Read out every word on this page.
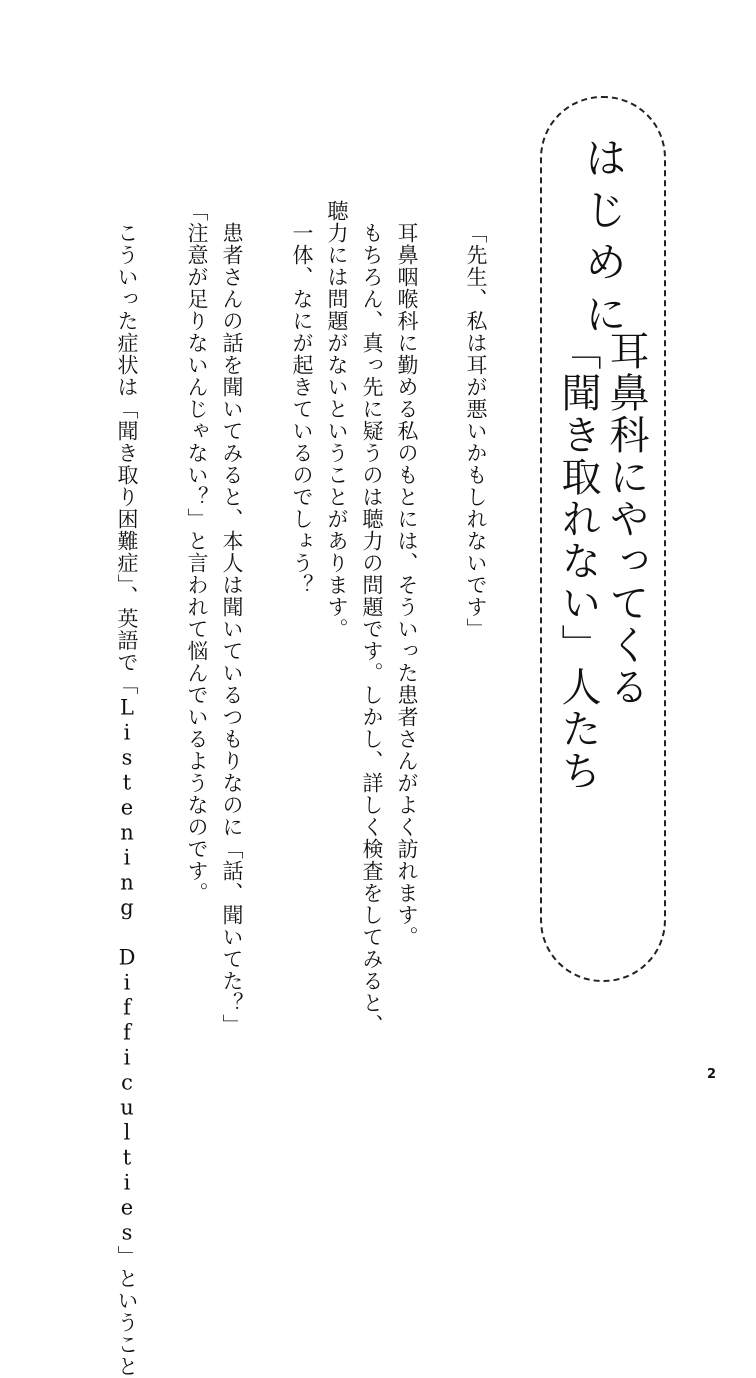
はじめに
耳鼻科にやってくる
「聞き取れない」人たち
「先生、私は耳が悪いかもしれないです」
耳鼻咽喉科に勤める私のもとには、そういった患者さんがよく訪れます。
もちろん、真っ先に疑うのは聴力の問題です。しかし、詳しく検査をしてみると、
聴力には問題がないということがあります。
一体、なにが起きているのでしょう？
患者さんの話を聞いてみると、本人は聞いているつもりなのに「話、聞いてた？」
「注意が足りないんじゃない？」と言われて悩んでいるようなのです。
こういった症状は「聞き取り困難症」、英語で「Listening Difficulties」ということ	2
